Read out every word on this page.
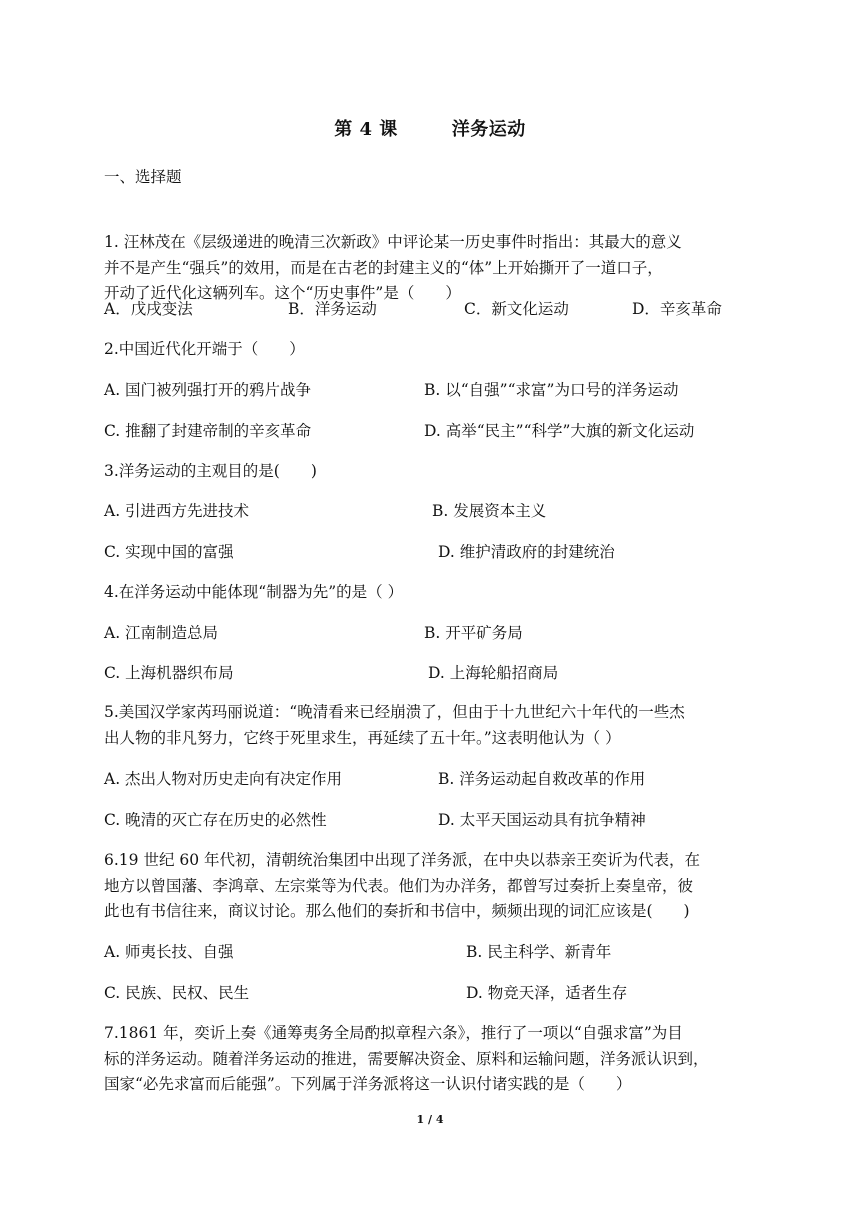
第 4 课	洋务运动
一、选择题
1. 汪林茂在《层级递进的晚清三次新政》中评论某一历史事件时指出：其最大的意义
并不是产生“强兵”的效用，而是在古老的封建主义的“体”上开始撕开了一道口子，
开动了近代化这辆列车。这个“历史事件”是（　　）
A．戊戌变法	B．洋务运动	C．新文化运动	D．辛亥革命
2.中国近代化开端于（　　）
A. 国门被列强打开的鸦片战争	B. 以“自强”“求富”为口号的洋务运动
C. 推翻了封建帝制的辛亥革命	D. 高举“民主”“科学”大旗的新文化运动
3.洋务运动的主观目的是(　　)
A. 引进西方先进技术	B. 发展资本主义
C. 实现中国的富强	D. 维护清政府的封建统治
4.在洋务运动中能体现“制器为先”的是（ ）
A. 江南制造总局	B. 开平矿务局
C. 上海机器织布局	D. 上海轮船招商局
5.美国汉学家芮玛丽说道：“晚清看来已经崩溃了，但由于十九世纪六十年代的一些杰
出人物的非凡努力，它终于死里求生，再延续了五十年。”这表明他认为（ ）
A. 杰出人物对历史走向有决定作用	B. 洋务运动起自救改革的作用
C. 晚清的灭亡存在历史的必然性	D. 太平天国运动具有抗争精神
6.19 世纪 60 年代初，清朝统治集团中出现了洋务派，在中央以恭亲王奕䜣为代表，在
地方以曾国藩、李鸿章、左宗棠等为代表。他们为办洋务，都曾写过奏折上奏皇帝，彼
此也有书信往来，商议讨论。那么他们的奏折和书信中，频频出现的词汇应该是(　　)
A. 师夷长技、自强	B. 民主科学、新青年
C. 民族、民权、民生	D. 物竞天泽，适者生存
7.1861 年，奕䜣上奏《通筹夷务全局酌拟章程六条》，推行了一项以“自强求富”为目
标的洋务运动。随着洋务运动的推进，需要解决资金、原料和运输问题，洋务派认识到，
国家“必先求富而后能强”。下列属于洋务派将这一认识付诸实践的是（　　）
1 / 4
